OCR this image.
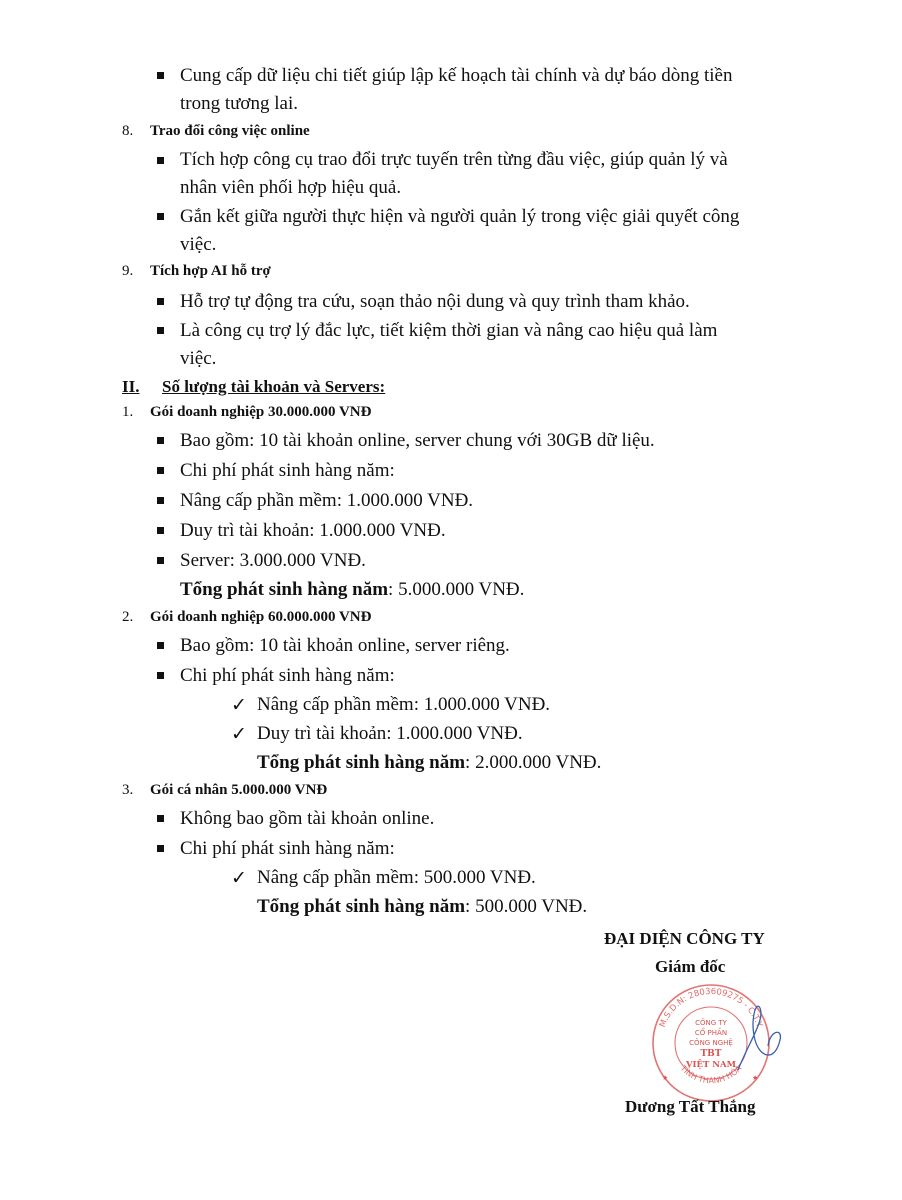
Cung cấp dữ liệu chi tiết giúp lập kế hoạch tài chính và dự báo dòng tiền
trong tương lai.
8. Trao đổi công việc online
Tích hợp công cụ trao đổi trực tuyến trên từng đầu việc, giúp quản lý và
nhân viên phối hợp hiệu quả.
Gắn kết giữa người thực hiện và người quản lý trong việc giải quyết công
việc.
9. Tích hợp AI hỗ trợ
Hỗ trợ tự động tra cứu, soạn thảo nội dung và quy trình tham khảo.
Là công cụ trợ lý đắc lực, tiết kiệm thời gian và nâng cao hiệu quả làm
việc.
II. Số lượng tài khoản và Servers:
1. Gói doanh nghiệp 30.000.000 VNĐ
Bao gồm: 10 tài khoản online, server chung với 30GB dữ liệu.
Chi phí phát sinh hàng năm:
Nâng cấp phần mềm: 1.000.000 VNĐ.
Duy trì tài khoản: 1.000.000 VNĐ.
Server: 3.000.000 VNĐ.
Tổng phát sinh hàng năm: 5.000.000 VNĐ.
2. Gói doanh nghiệp 60.000.000 VNĐ
Bao gồm: 10 tài khoản online, server riêng.
Chi phí phát sinh hàng năm:
✓ Nâng cấp phần mềm: 1.000.000 VNĐ.
✓ Duy trì tài khoản: 1.000.000 VNĐ.
Tổng phát sinh hàng năm: 2.000.000 VNĐ.
3. Gói cá nhân 5.000.000 VNĐ
Không bao gồm tài khoản online.
Chi phí phát sinh hàng năm:
✓ Nâng cấp phần mềm: 500.000 VNĐ.
Tổng phát sinh hàng năm: 500.000 VNĐ.
ĐẠI DIỆN CÔNG TY
Giám đốc
M.S.D.N: 2803609275 - C.T.Y
TỈNH THANH HÓA
CÔNG TY
CỔ PHẦN
CÔNG NGHỆ
TBT
VIỆT NAM
★	★
Dương Tất Thắng
